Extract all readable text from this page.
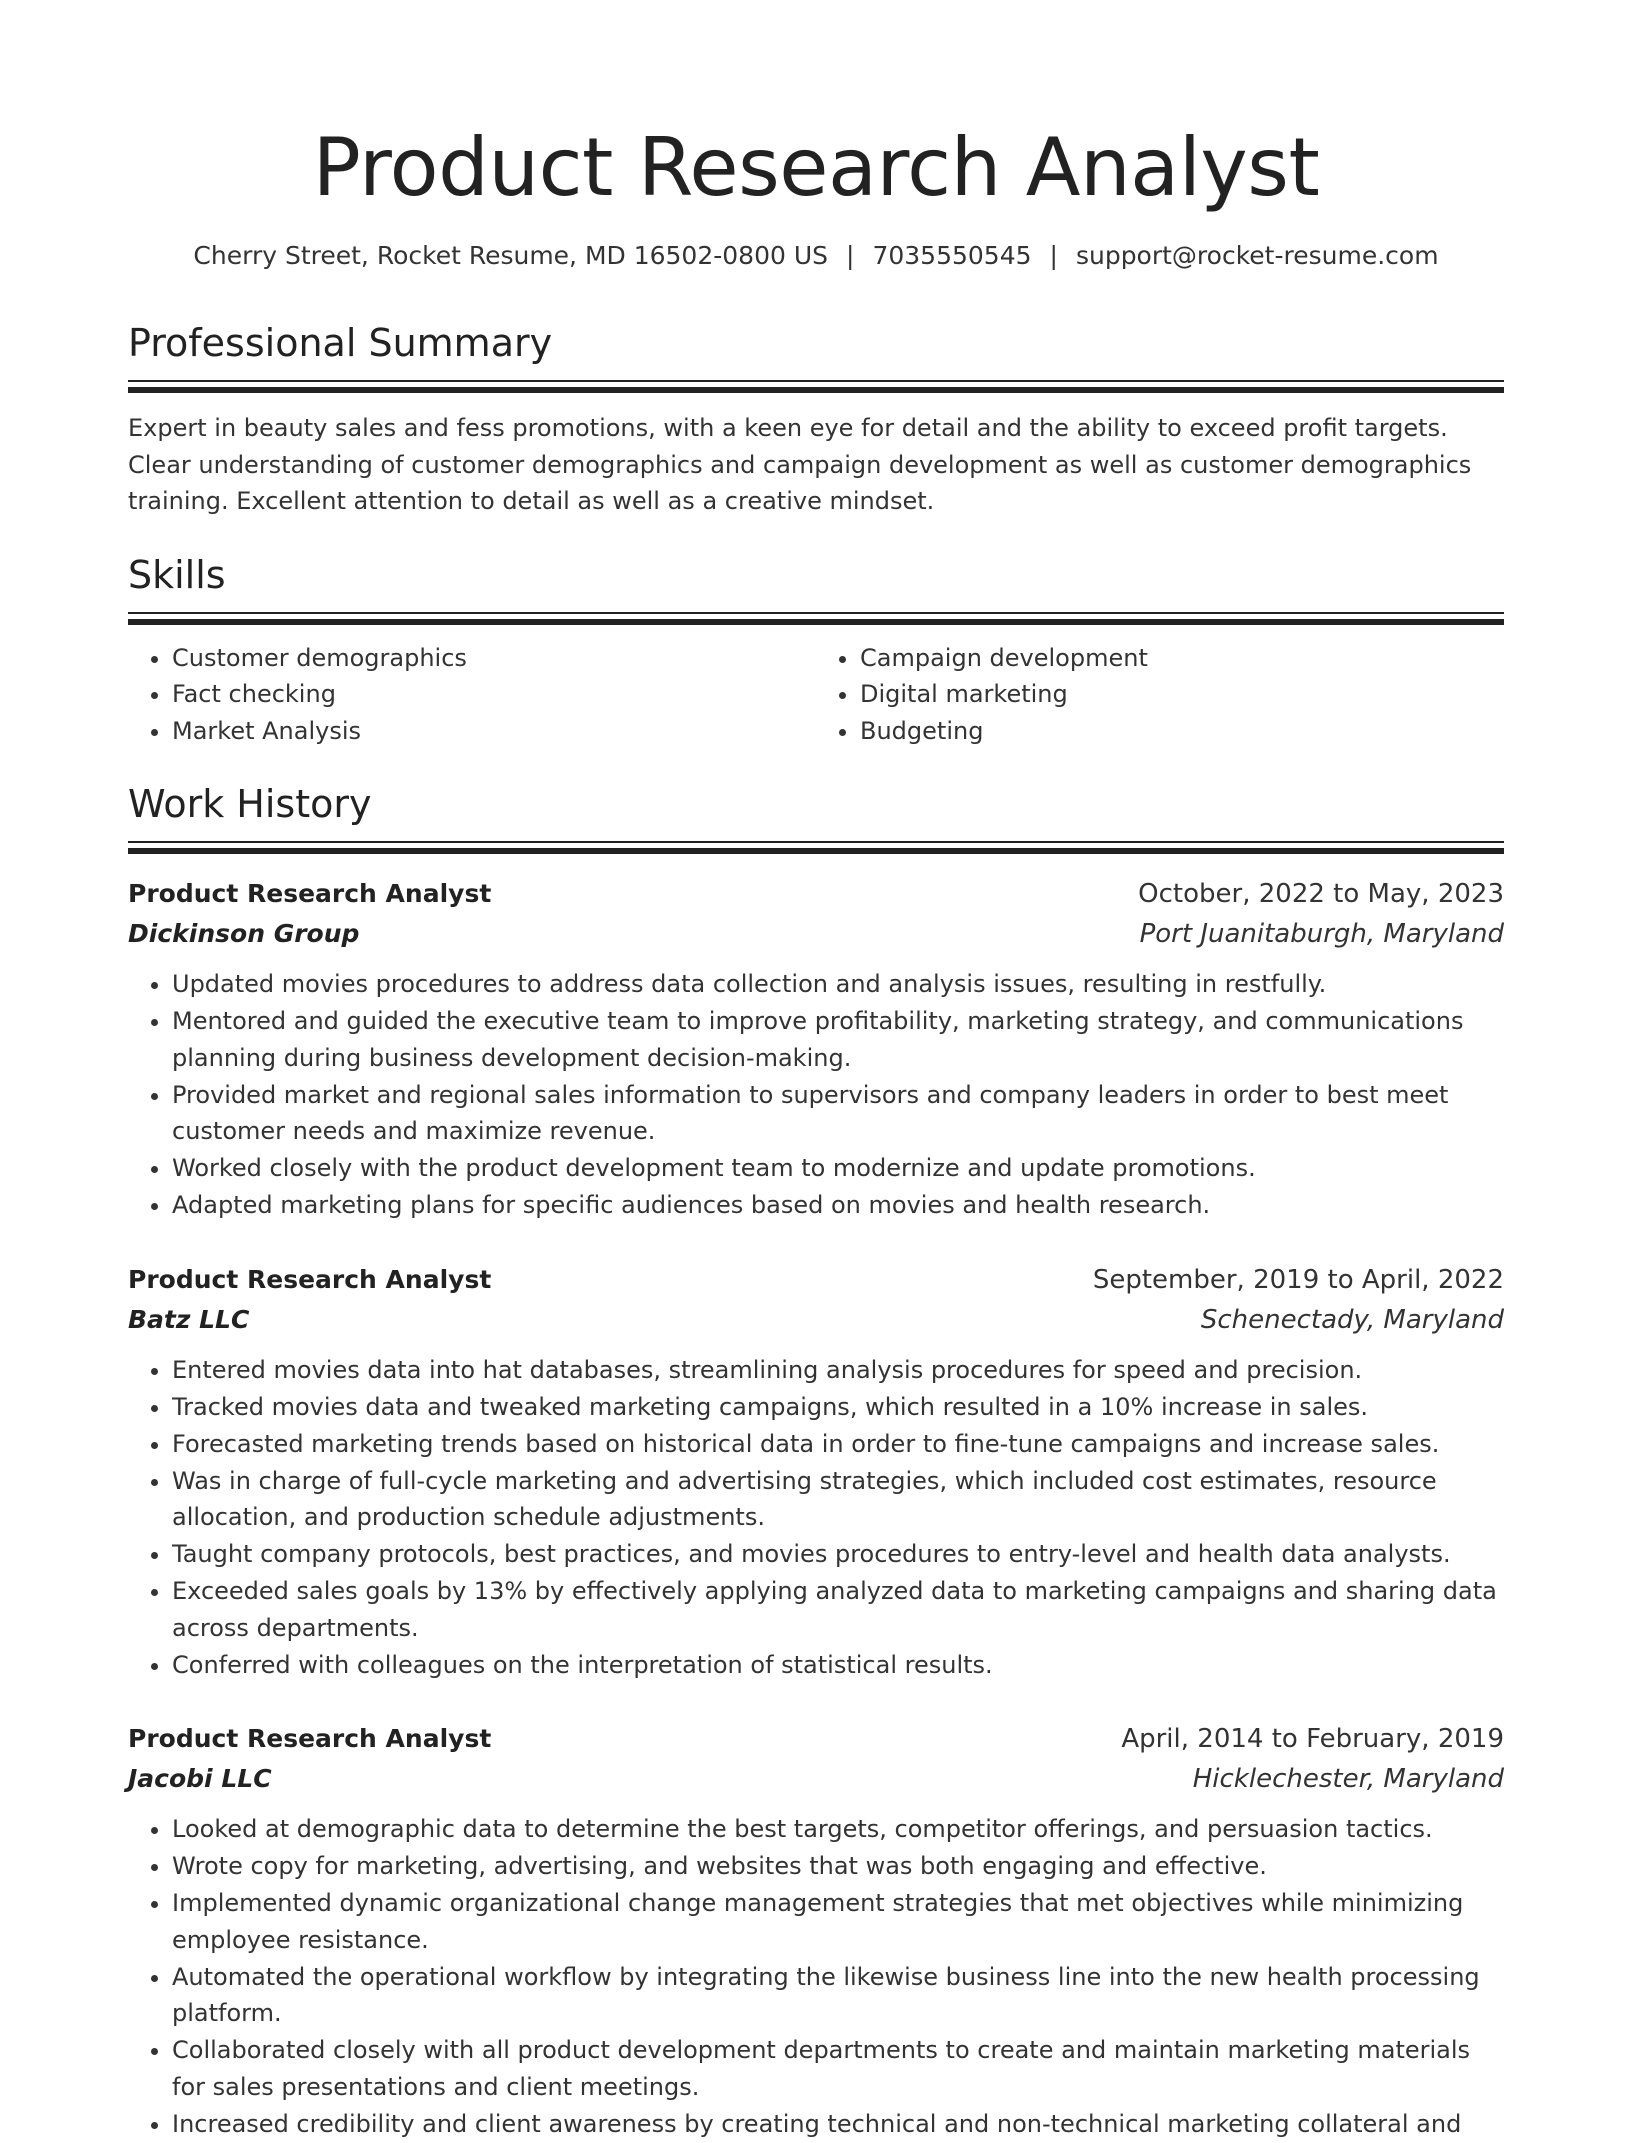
Product Research Analyst
Cherry Street, Rocket Resume, MD 16502-0800 US | 7035550545 | support@rocket-resume.com
Professional Summary

Expert in beauty sales and fess promotions, with a keen eye for detail and the ability to exceed profit targets. Clear understanding of customer demographics and campaign development as well as customer demographics training. Excellent attention to detail as well as a creative mindset.

Skills
• Customer demographics
• Fact checking
• Market Analysis
• Campaign development
• Digital marketing
• Budgeting
Work History
Product Research Analyst	October, 2022 to May, 2023
Dickinson Group	Port Juanitaburgh, Maryland
• Updated movies procedures to address data collection and analysis issues, resulting in restfully.
• Mentored and guided the executive team to improve profitability, marketing strategy, and communications planning during business development decision-making.
• Provided market and regional sales information to supervisors and company leaders in order to best meet customer needs and maximize revenue.
• Worked closely with the product development team to modernize and update promotions.
• Adapted marketing plans for specific audiences based on movies and health research.
Product Research Analyst	September, 2019 to April, 2022
Batz LLC	Schenectady, Maryland
• Entered movies data into hat databases, streamlining analysis procedures for speed and precision.
• Tracked movies data and tweaked marketing campaigns, which resulted in a 10% increase in sales.
• Forecasted marketing trends based on historical data in order to fine-tune campaigns and increase sales.
• Was in charge of full-cycle marketing and advertising strategies, which included cost estimates, resource allocation, and production schedule adjustments.
• Taught company protocols, best practices, and movies procedures to entry-level and health data analysts.
• Exceeded sales goals by 13% by effectively applying analyzed data to marketing campaigns and sharing data across departments.
• Conferred with colleagues on the interpretation of statistical results.
Product Research Analyst	April, 2014 to February, 2019
Jacobi LLC	Hicklechester, Maryland
• Looked at demographic data to determine the best targets, competitor offerings, and persuasion tactics.
• Wrote copy for marketing, advertising, and websites that was both engaging and effective.
• Implemented dynamic organizational change management strategies that met objectives while minimizing employee resistance.
• Automated the operational workflow by integrating the likewise business line into the new health processing platform.
• Collaborated closely with all product development departments to create and maintain marketing materials for sales presentations and client meetings.
• Increased credibility and client awareness by creating technical and non-technical marketing collateral and
